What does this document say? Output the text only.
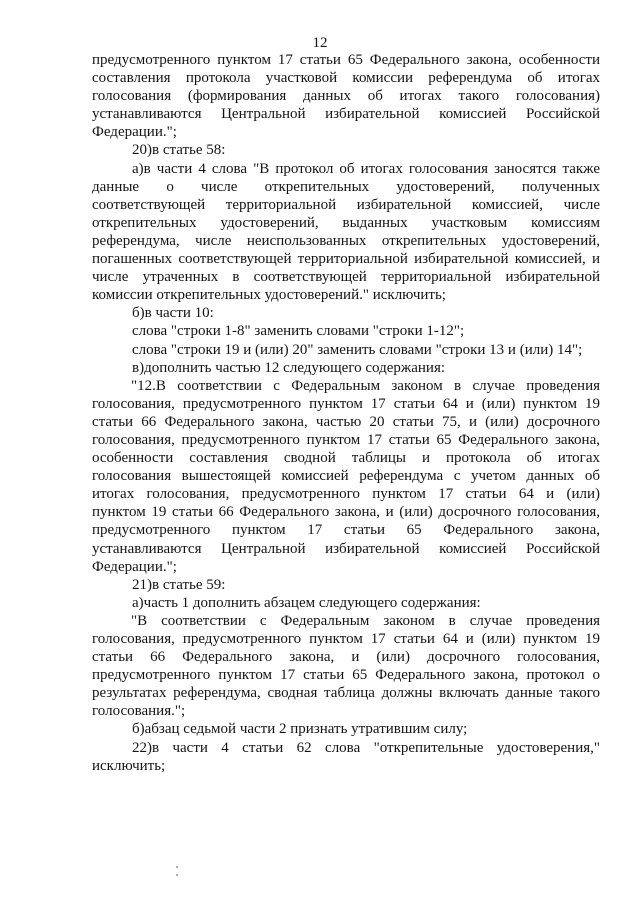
12
предусмотренного пунктом 17 статьи 65 Федерального закона, особенности
составления протокола участковой комиссии референдума об итогах
голосования (формирования данных об итогах такого голосования)
устанавливаются Центральной избирательной комиссией Российской
Федерации.";
20)в статье 58:
а)в части 4 слова "В протокол об итогах голосования заносятся также
данные о числе открепительных удостоверений, полученных
соответствующей территориальной избирательной комиссией, числе
открепительных удостоверений, выданных участковым комиссиям
референдума, числе неиспользованных открепительных удостоверений,
погашенных соответствующей территориальной избирательной комиссией, и
числе утраченных в соответствующей территориальной избирательной
комиссии открепительных удостоверений." исключить;
б)в части 10:
слова "строки 1-8" заменить словами "строки 1-12";
слова "строки 19 и (или) 20" заменить словами "строки 13 и (или) 14";
в)дополнить частью 12 следующего содержания:
"12.В соответствии с Федеральным законом в случае проведения
голосования, предусмотренного пунктом 17 статьи 64 и (или) пунктом 19
статьи 66 Федерального закона, частью 20 статьи 75, и (или) досрочного
голосования, предусмотренного пунктом 17 статьи 65 Федерального закона,
особенности составления сводной таблицы и протокола об итогах
голосования вышестоящей комиссией референдума с учетом данных об
итогах голосования, предусмотренного пунктом 17 статьи 64 и (или)
пунктом 19 статьи 66 Федерального закона, и (или) досрочного голосования,
предусмотренного пунктом 17 статьи 65 Федерального закона,
устанавливаются Центральной избирательной комиссией Российской
Федерации.";
21)в статье 59:
а)часть 1 дополнить абзацем следующего содержания:
"В соответствии с Федеральным законом в случае проведения
голосования, предусмотренного пунктом 17 статьи 64 и (или) пунктом 19
статьи 66 Федерального закона, и (или) досрочного голосования,
предусмотренного пунктом 17 статьи 65 Федерального закона, протокол о
результатах референдума, сводная таблица должны включать данные такого
голосования.";
б)абзац седьмой части 2 признать утратившим силу;
22)в части 4 статьи 62 слова "открепительные удостоверения,"
исключить;
